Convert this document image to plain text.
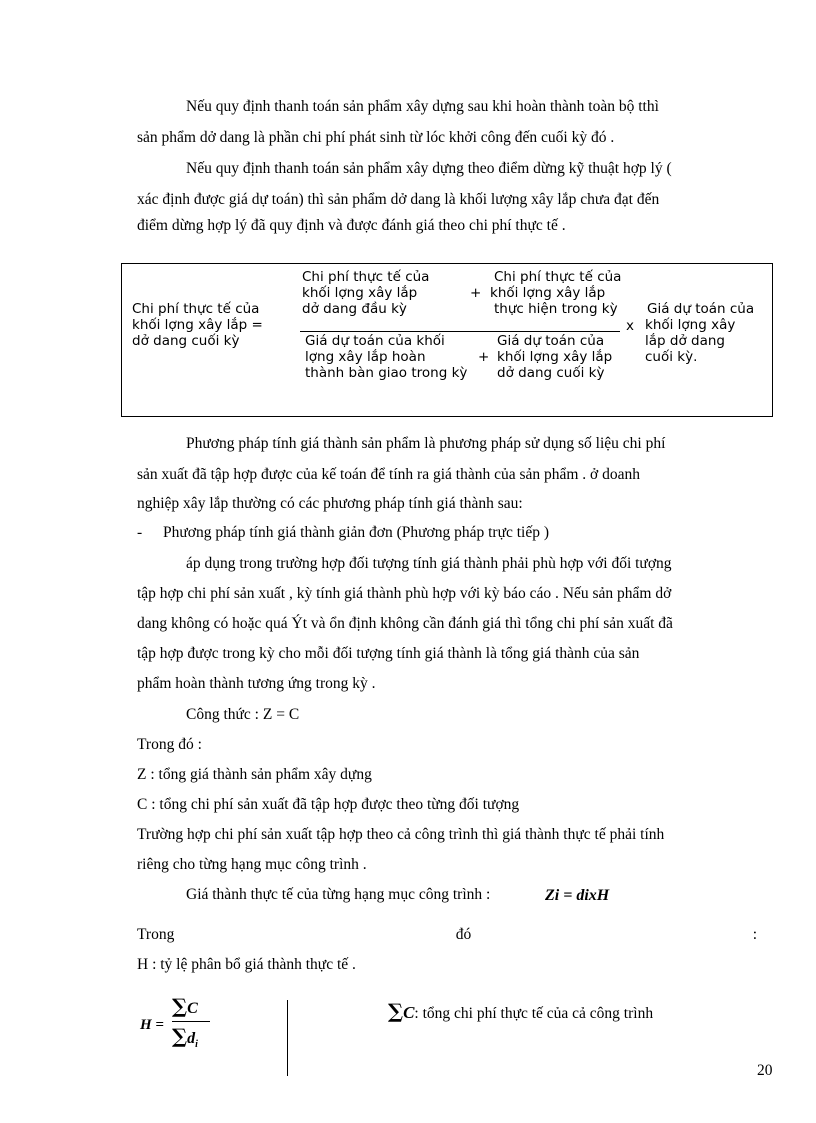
Nếu quy định thanh toán sản phẩm xây dựng sau khi hoàn thành toàn bộ tthì
sản phẩm dở dang là phần chi phí phát sinh từ lóc khởi công đến cuối kỳ đó .
Nếu quy định thanh toán sản phẩm xây dựng theo điểm dừng kỹ thuật hợp lý (
xác định được giá dự toán) thì sản phẩm dở dang là khối lượng xây lắp chưa đạt đến
điểm dừng hợp lý đã quy định và được đánh giá theo chi phí thực tế .
Chi phí thực tế của
khối lợng xây lắp =
dở dang cuối kỳ
Chi phí thực tế của
khối lợng xây lắp
dở dang đầu kỳ
+
Chi phí thực tế của
khối lợng xây lắp
thực hiện trong kỳ
Giá dự toán của khối
lợng xây lắp hoàn
thành bàn giao trong kỳ
+
Giá dự toán của
khối lợng xây lắp
dở dang cuối kỳ
x
Giá dự toán của
khối lợng xây
lắp dở dang
cuối kỳ.
Phương pháp tính giá thành sản phẩm là phương pháp sử dụng số liệu chi phí
sản xuất đã tập hợp được của kế toán để tính ra giá thành của sản phẩm . ở doanh
nghiệp xây lắp thường có các phương pháp tính giá thành sau:
- Phương pháp tính giá thành giản đơn (Phương pháp trực tiếp )
áp dụng trong trường hợp đối tượng tính giá thành phải phù hợp với đối tượng
tập hợp chi phí sản xuất , kỳ tính giá thành phù hợp với kỳ báo cáo . Nếu sản phẩm dở
dang không có hoặc quá Ýt và ổn định không cần đánh giá thì tổng chi phí sản xuất đã
tập hợp được trong kỳ cho mỗi đối tượng tính giá thành là tổng giá thành của sản
phẩm hoàn thành tương ứng trong kỳ .
Công thức : Z = C
Trong đó :
Z : tổng giá thành sản phẩm xây dựng
C : tổng chi phí sản xuất đã tập hợp được theo từng đối tượng
Trường hợp chi phí sản xuất tập hợp theo cả công trình thì giá thành thực tế phải tính
riêng cho từng hạng mục công trình .
Giá thành thực tế của từng hạng mục công trình :	Zi = dixH
Trong	đó	:
H : tỷ lệ phân bổ giá thành thực tế .
H =
∑C
$\sum d_i$
∑C: tổng chi phí thực tế của cả công trình
20
